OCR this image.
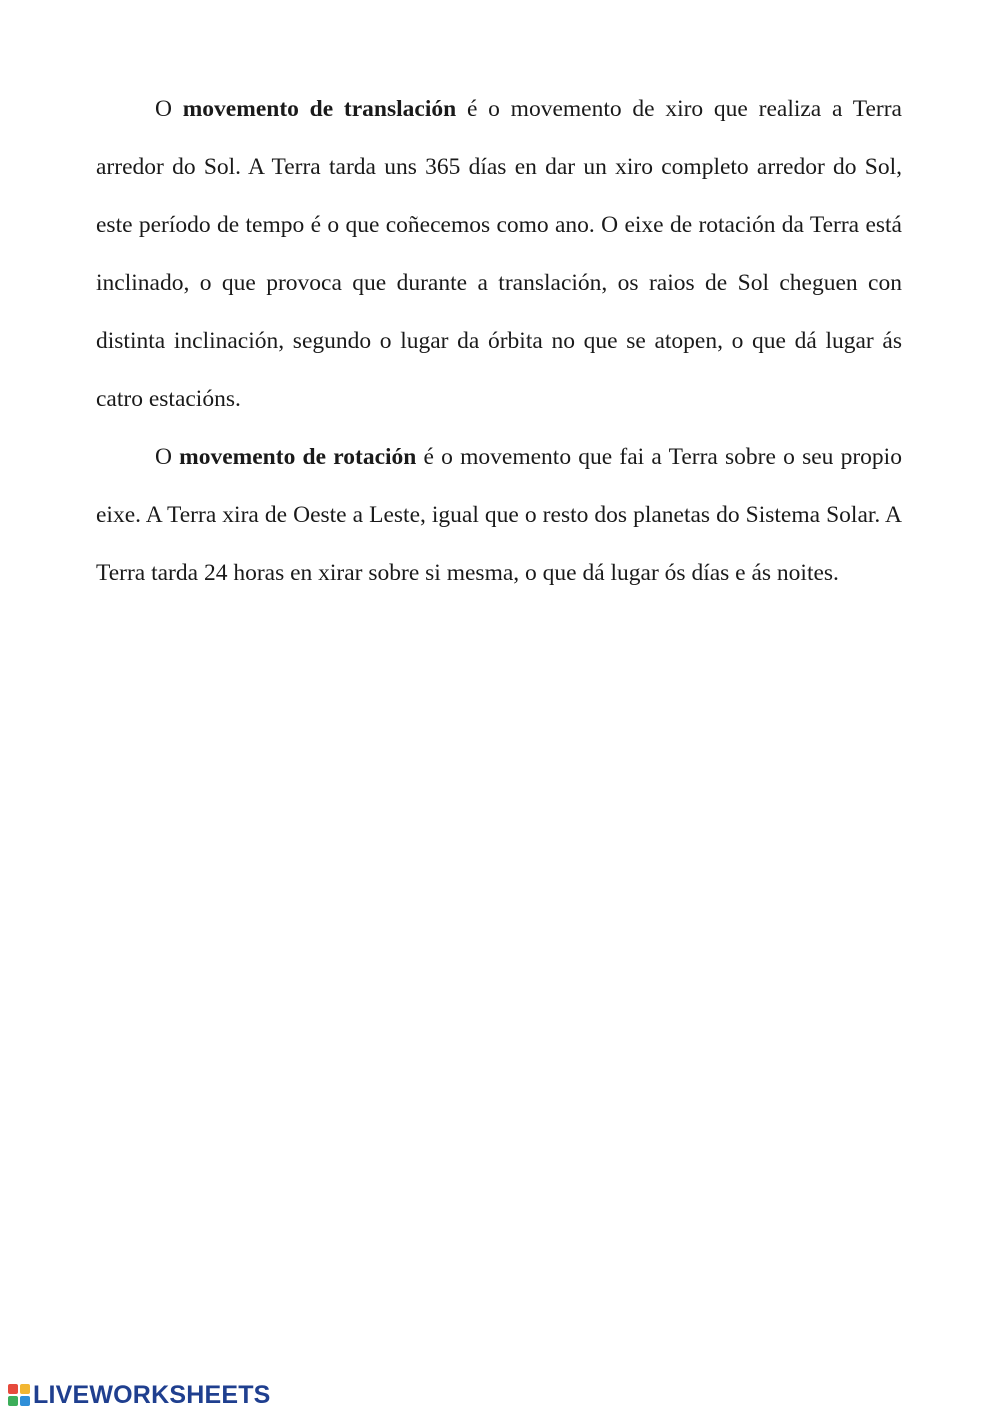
O movemento de translación é o movemento de xiro que realiza a Terra arredor do Sol. A Terra tarda uns 365 días en dar un xiro completo arredor do Sol, este período de tempo é o que coñecemos como ano. O eixe de rotación da Terra está inclinado, o que provoca que durante a translación, os raios de Sol cheguen con distinta inclinación, segundo o lugar da órbita no que se atopen, o que dá lugar ás catro estacións.

O movemento de rotación é o movemento que fai a Terra sobre o seu propio eixe. A Terra xira de Oeste a Leste, igual que o resto dos planetas do Sistema Solar. A Terra tarda 24 horas en xirar sobre si mesma, o que dá lugar ós días e ás noites.

LIVEWORKSHEETS
